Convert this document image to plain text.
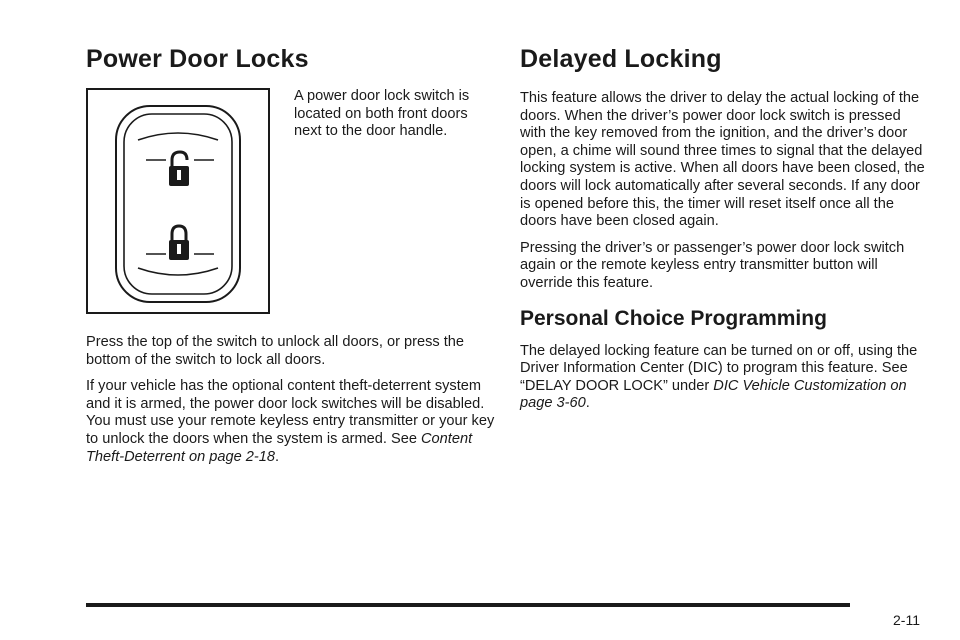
Power Door Locks

A power door lock switch is located on both front doors next to the door handle.

Press the top of the switch to unlock all doors, or press the bottom of the switch to lock all doors.

If your vehicle has the optional content theft-deterrent system and it is armed, the power door lock switches will be disabled. You must use your remote keyless entry transmitter or your key to unlock the doors when the system is armed. See Content Theft-Deterrent on page 2-18.

Delayed Locking

This feature allows the driver to delay the actual locking of the doors. When the driver’s power door lock switch is pressed with the key removed from the ignition, and the driver’s door open, a chime will sound three times to signal that the delayed locking system is active. When all doors have been closed, the doors will lock automatically after several seconds. If any door is opened before this, the timer will reset itself once all the doors have been closed again.

Pressing the driver’s or passenger’s power door lock switch again or the remote keyless entry transmitter button will override this feature.

Personal Choice Programming

The delayed locking feature can be turned on or off, using the Driver Information Center (DIC) to program this feature. See “DELAY DOOR LOCK” under DIC Vehicle Customization on page 3-60.

2-11
